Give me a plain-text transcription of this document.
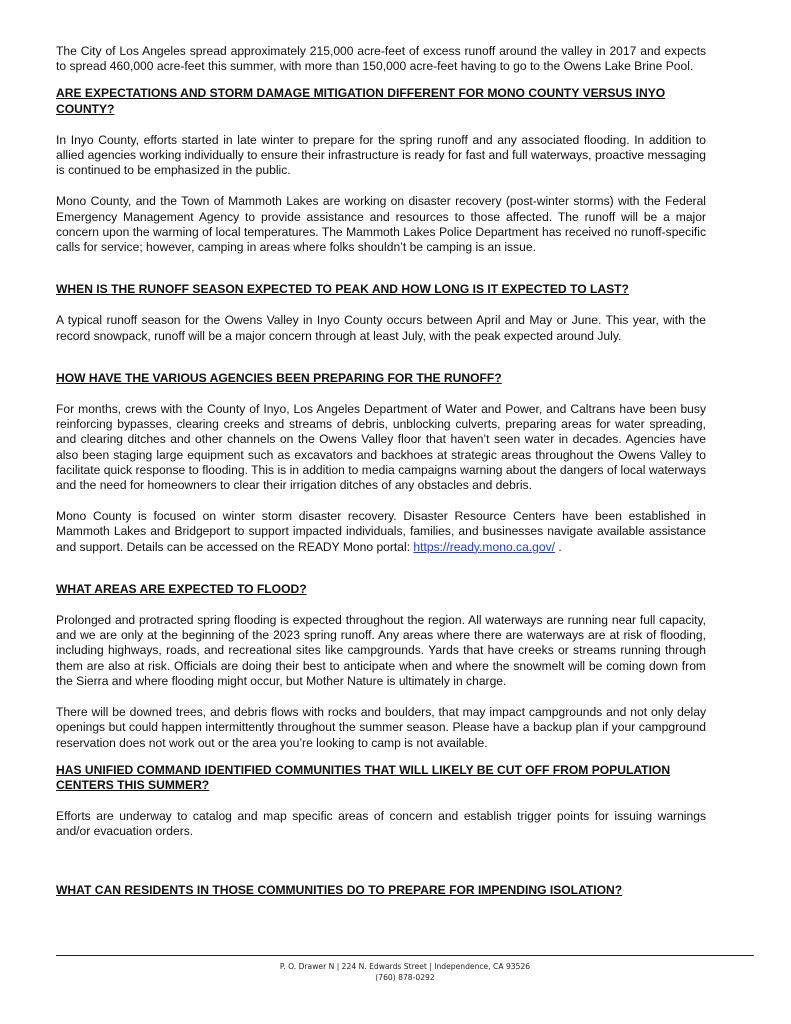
The City of Los Angeles spread approximately 215,000 acre-feet of excess runoff around the valley in 2017 and expects to spread 460,000 acre-feet this summer, with more than 150,000 acre-feet having to go to the Owens Lake Brine Pool.

ARE EXPECTATIONS AND STORM DAMAGE MITIGATION DIFFERENT FOR MONO COUNTY VERSUS INYO COUNTY?

In Inyo County, efforts started in late winter to prepare for the spring runoff and any associated flooding. In addition to allied agencies working individually to ensure their infrastructure is ready for fast and full waterways, proactive messaging is continued to be emphasized in the public.

Mono County, and the Town of Mammoth Lakes are working on disaster recovery (post-winter storms) with the Federal Emergency Management Agency to provide assistance and resources to those affected. The runoff will be a major concern upon the warming of local temperatures. The Mammoth Lakes Police Department has received no runoff-specific calls for service; however, camping in areas where folks shouldn’t be camping is an issue.

WHEN IS THE RUNOFF SEASON EXPECTED TO PEAK AND HOW LONG IS IT EXPECTED TO LAST?

A typical runoff season for the Owens Valley in Inyo County occurs between April and May or June. This year, with the record snowpack, runoff will be a major concern through at least July, with the peak expected around July.

HOW HAVE THE VARIOUS AGENCIES BEEN PREPARING FOR THE RUNOFF?

For months, crews with the County of Inyo, Los Angeles Department of Water and Power, and Caltrans have been busy reinforcing bypasses, clearing creeks and streams of debris, unblocking culverts, preparing areas for water spreading, and clearing ditches and other channels on the Owens Valley floor that haven’t seen water in decades. Agencies have also been staging large equipment such as excavators and backhoes at strategic areas throughout the Owens Valley to facilitate quick response to flooding. This is in addition to media campaigns warning about the dangers of local waterways and the need for homeowners to clear their irrigation ditches of any obstacles and debris.

Mono County is focused on winter storm disaster recovery. Disaster Resource Centers have been established in Mammoth Lakes and Bridgeport to support impacted individuals, families, and businesses navigate available assistance and support. Details can be accessed on the READY Mono portal: https://ready.mono.ca.gov/ .

WHAT AREAS ARE EXPECTED TO FLOOD?

Prolonged and protracted spring flooding is expected throughout the region. All waterways are running near full capacity, and we are only at the beginning of the 2023 spring runoff. Any areas where there are waterways are at risk of flooding, including highways, roads, and recreational sites like campgrounds. Yards that have creeks or streams running through them are also at risk. Officials are doing their best to anticipate when and where the snowmelt will be coming down from the Sierra and where flooding might occur, but Mother Nature is ultimately in charge.

There will be downed trees, and debris flows with rocks and boulders, that may impact campgrounds and not only delay openings but could happen intermittently throughout the summer season. Please have a backup plan if your campground reservation does not work out or the area you’re looking to camp is not available.

HAS UNIFIED COMMAND IDENTIFIED COMMUNITIES THAT WILL LIKELY BE CUT OFF FROM POPULATION CENTERS THIS SUMMER?

Efforts are underway to catalog and map specific areas of concern and establish trigger points for issuing warnings and/or evacuation orders.

WHAT CAN RESIDENTS IN THOSE COMMUNITIES DO TO PREPARE FOR IMPENDING ISOLATION?
P. O. Drawer N | 224 N. Edwards Street | Independence, CA 93526
(760) 878-0292
